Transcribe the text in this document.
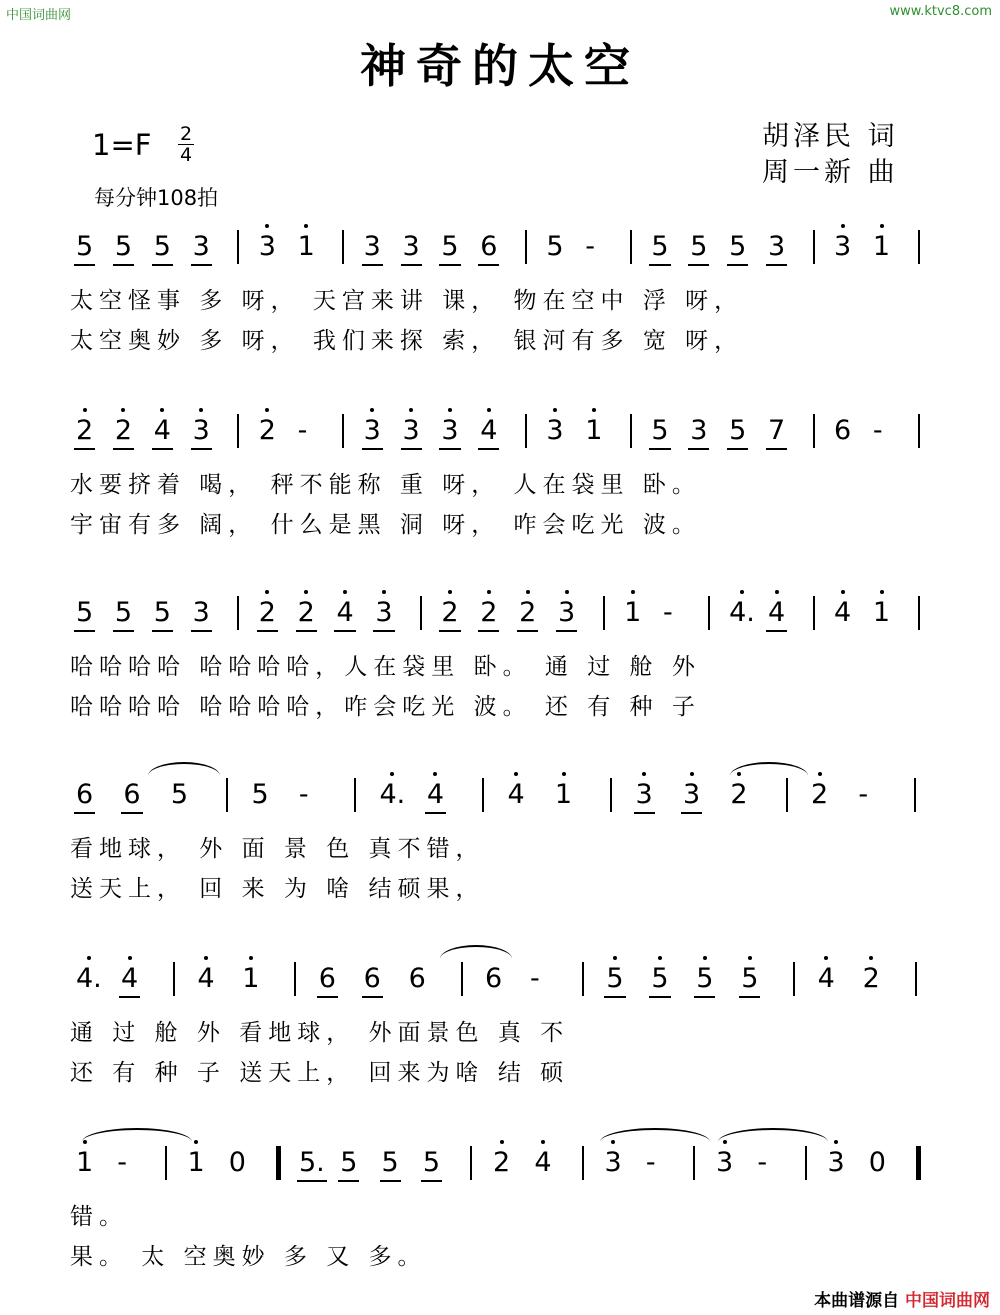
中国词曲网	www.ktvc8.com
神奇的太空
胡泽民 词
周一新 曲
1=F 2
4
每分钟108拍
5 5 5 3 3 1 3 3 5 6 5 - 5 5 5 3 3 1
太空怪事 多 呀， 天宫来讲 课， 物在空中 浮 呀，
太空奥妙 多 呀， 我们来探 索， 银河有多 宽 呀，
2 2 4 3 2 - 3 3 3 4 3 1 5 3 5 7 6 -
水要挤着 喝， 秤不能称 重 呀， 人在袋里 卧。
宇宙有多 阔， 什么是黑 洞 呀， 咋会吃光 波。
5 5 5 3 2 2 4 3 2 2 2 3 1 - 4. 4 4 1
哈哈哈哈 哈哈哈哈，人在袋里 卧。 通 过 舱 外
哈哈哈哈 哈哈哈哈，咋会吃光 波。 还 有 种 子
6 6 5 5 -	4. 4 4 1 3 3 2 2 -
看地球， 外 面 景 色 真不错，
送天上， 回 来 为 啥 结硕果，
4. 4 4 1 6 6 6 6 - 5 5 5 5 4 2
通 过 舱 外 看地球， 外面景色 真 不
还 有 种 子 送天上， 回来为啥 结 硕
1 - 1 0 5. 5 5 5 2 4 3 - 3 - 3 0
错。
果。 太 空奥妙 多 又 多。
本曲谱源自 中国词曲网
